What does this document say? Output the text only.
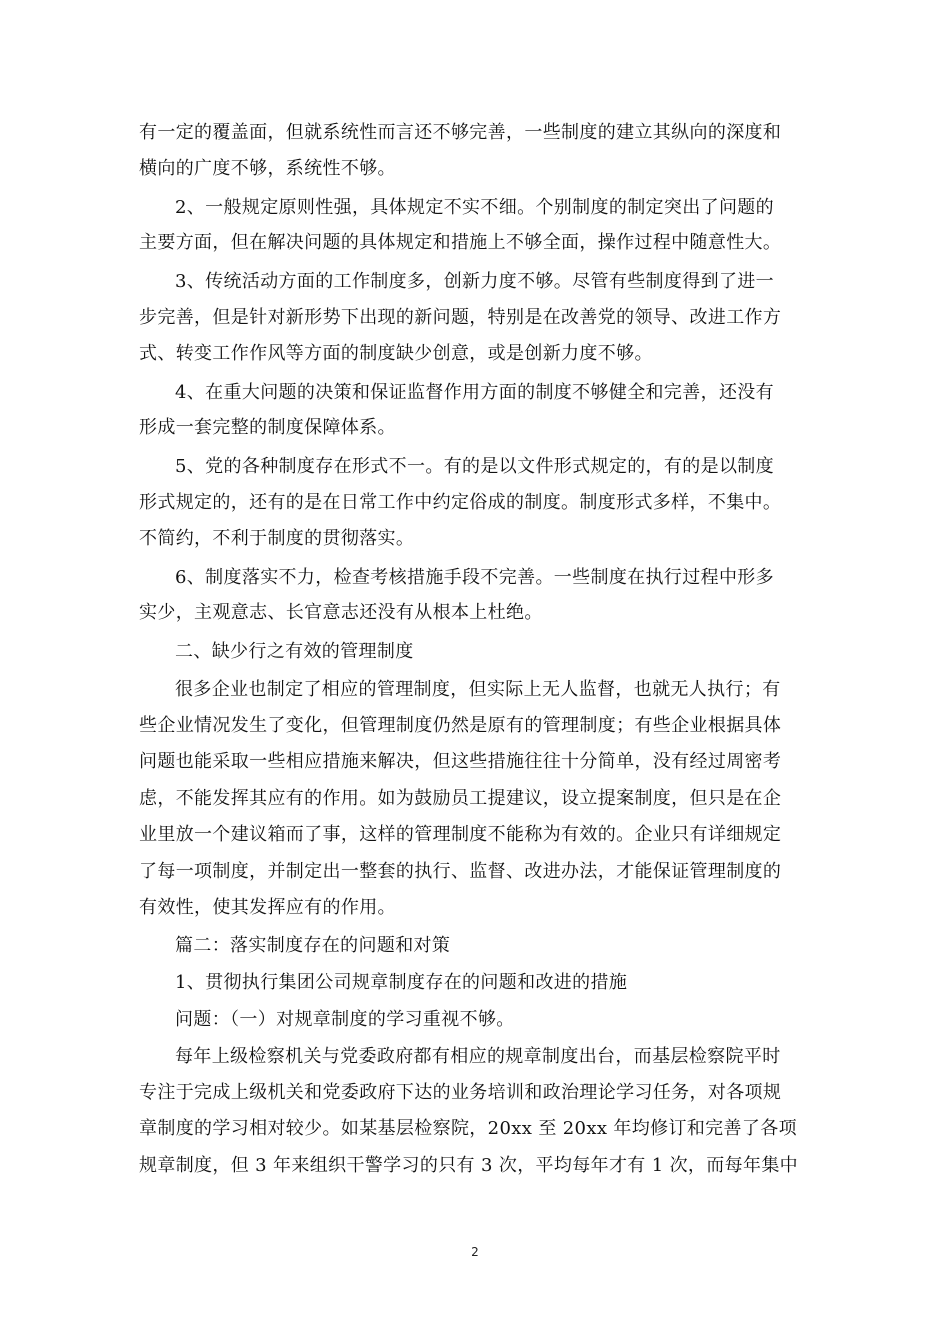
有一定的覆盖面，但就系统性而言还不够完善，一些制度的建立其纵向的深度和
横向的广度不够，系统性不够。
2、一般规定原则性强，具体规定不实不细。个别制度的制定突出了问题的
主要方面，但在解决问题的具体规定和措施上不够全面，操作过程中随意性大。
3、传统活动方面的工作制度多，创新力度不够。尽管有些制度得到了进一
步完善，但是针对新形势下出现的新问题，特别是在改善党的领导、改进工作方
式、转变工作作风等方面的制度缺少创意，或是创新力度不够。
4、在重大问题的决策和保证监督作用方面的制度不够健全和完善，还没有
形成一套完整的制度保障体系。
5、党的各种制度存在形式不一。有的是以文件形式规定的，有的是以制度
形式规定的，还有的是在日常工作中约定俗成的制度。制度形式多样，不集中。
不简约，不利于制度的贯彻落实。
6、制度落实不力，检查考核措施手段不完善。一些制度在执行过程中形多
实少，主观意志、长官意志还没有从根本上杜绝。
二、缺少行之有效的管理制度
很多企业也制定了相应的管理制度，但实际上无人监督，也就无人执行；有
些企业情况发生了变化，但管理制度仍然是原有的管理制度；有些企业根据具体
问题也能采取一些相应措施来解决，但这些措施往往十分简单，没有经过周密考
虑，不能发挥其应有的作用。如为鼓励员工提建议，设立提案制度，但只是在企
业里放一个建议箱而了事，这样的管理制度不能称为有效的。企业只有详细规定
了每一项制度，并制定出一整套的执行、监督、改进办法，才能保证管理制度的
有效性，使其发挥应有的作用。
篇二：落实制度存在的问题和对策
1、贯彻执行集团公司规章制度存在的问题和改进的措施
问题：（一）对规章制度的学习重视不够。
每年上级检察机关与党委政府都有相应的规章制度出台，而基层检察院平时
专注于完成上级机关和党委政府下达的业务培训和政治理论学习任务，对各项规
章制度的学习相对较少。如某基层检察院，20xx 至 20xx 年均修订和完善了各项
规章制度，但 3 年来组织干警学习的只有 3 次，平均每年才有 1 次，而每年集中
2
